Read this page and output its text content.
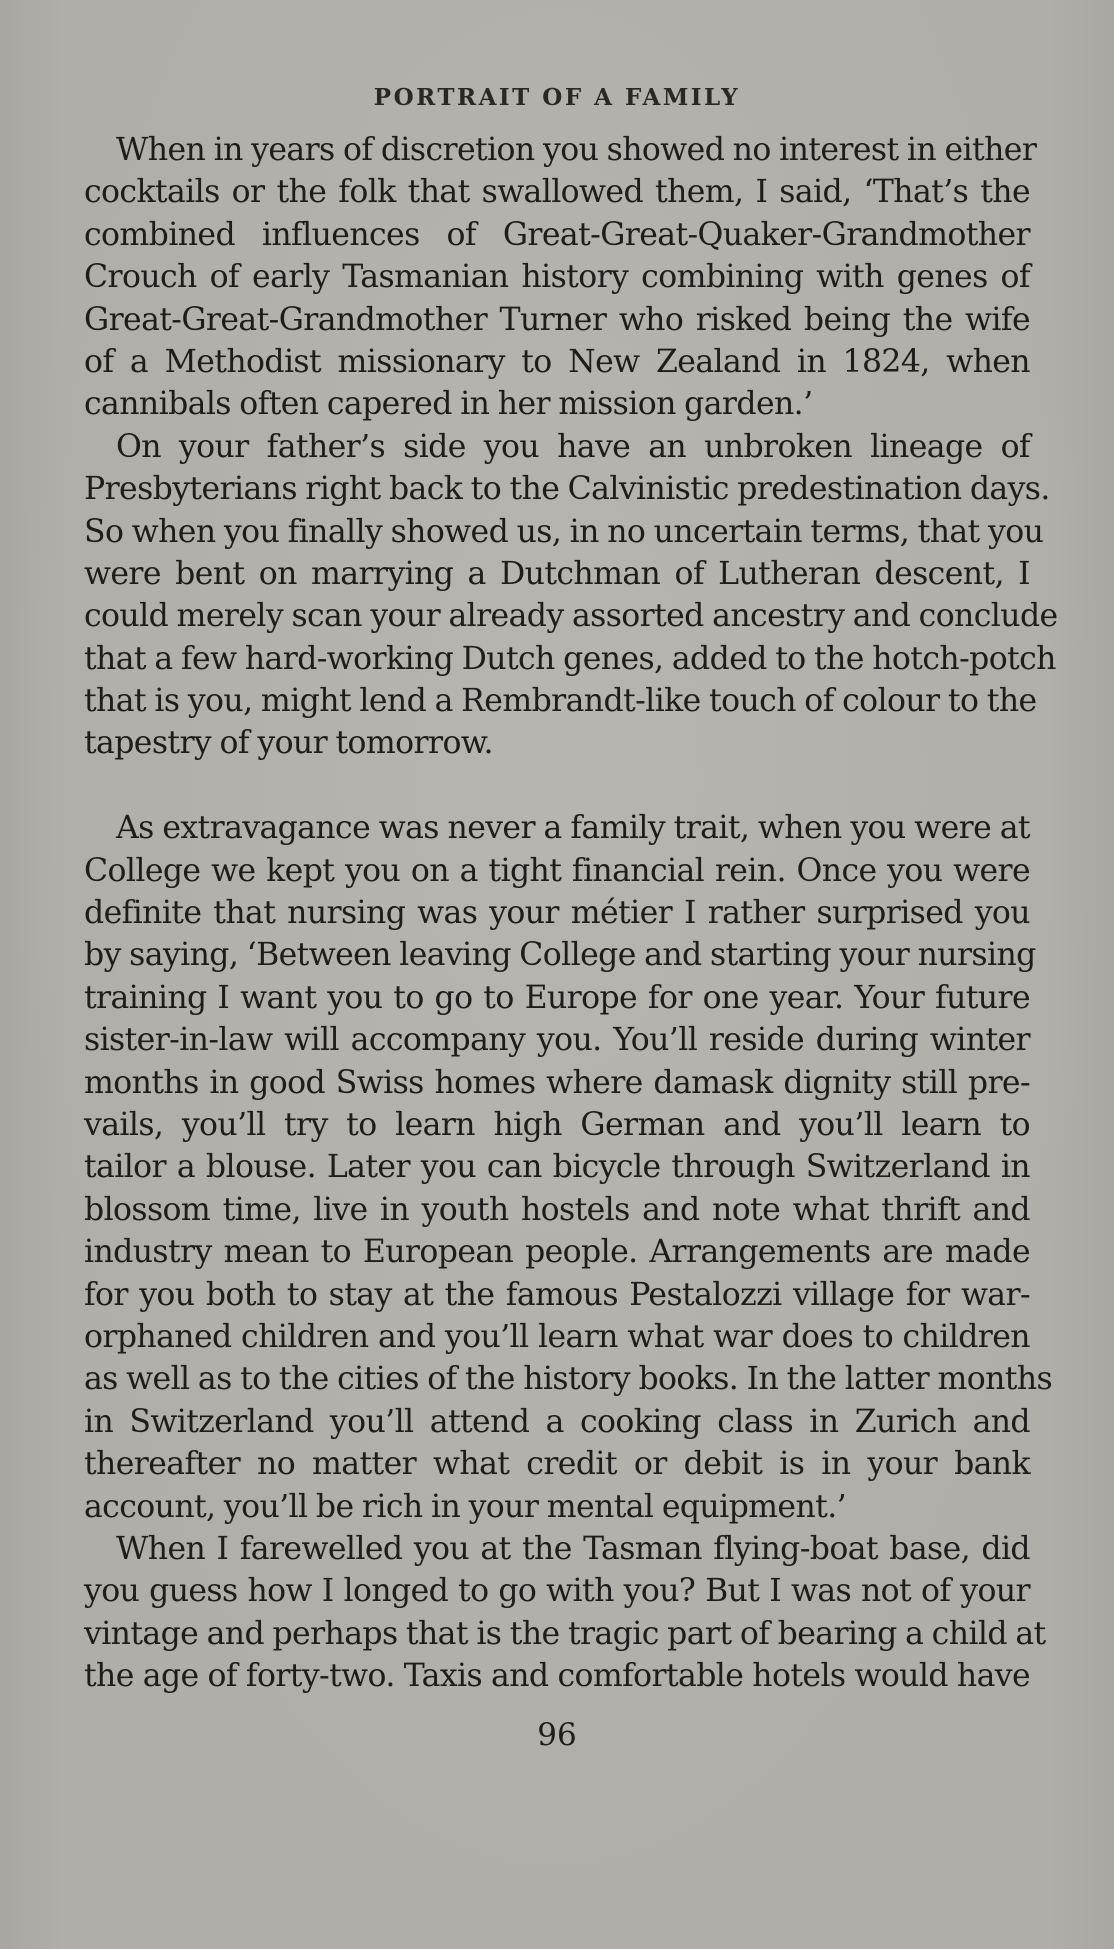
PORTRAIT OF A FAMILY
When in years of discretion you showed no interest in either
cocktails or the folk that swallowed them, I said, ‘That’s the
combined influences of Great-Great-Quaker-Grandmother
Crouch of early Tasmanian history combining with genes of
Great-Great-Grandmother Turner who risked being the wife
of a Methodist missionary to New Zealand in 1824, when
cannibals often capered in her mission garden.’
On your father’s side you have an unbroken lineage of
Presbyterians right back to the Calvinistic predestination days.
So when you finally showed us, in no uncertain terms, that you
were bent on marrying a Dutchman of Lutheran descent, I
could merely scan your already assorted ancestry and conclude
that a few hard-working Dutch genes, added to the hotch-potch
that is you, might lend a Rembrandt-like touch of colour to the
tapestry of your tomorrow.
As extravagance was never a family trait, when you were at
College we kept you on a tight financial rein. Once you were
definite that nursing was your métier I rather surprised you
by saying, ‘Between leaving College and starting your nursing
training I want you to go to Europe for one year. Your future
sister-in-law will accompany you. You’ll reside during winter
months in good Swiss homes where damask dignity still pre-
vails, you’ll try to learn high German and you’ll learn to
tailor a blouse. Later you can bicycle through Switzerland in
blossom time, live in youth hostels and note what thrift and
industry mean to European people. Arrangements are made
for you both to stay at the famous Pestalozzi village for war-
orphaned children and you’ll learn what war does to children
as well as to the cities of the history books. In the latter months
in Switzerland you’ll attend a cooking class in Zurich and
thereafter no matter what credit or debit is in your bank
account, you’ll be rich in your mental equipment.’
When I farewelled you at the Tasman flying-boat base, did
you guess how I longed to go with you? But I was not of your
vintage and perhaps that is the tragic part of bearing a child at
the age of forty-two. Taxis and comfortable hotels would have
96
